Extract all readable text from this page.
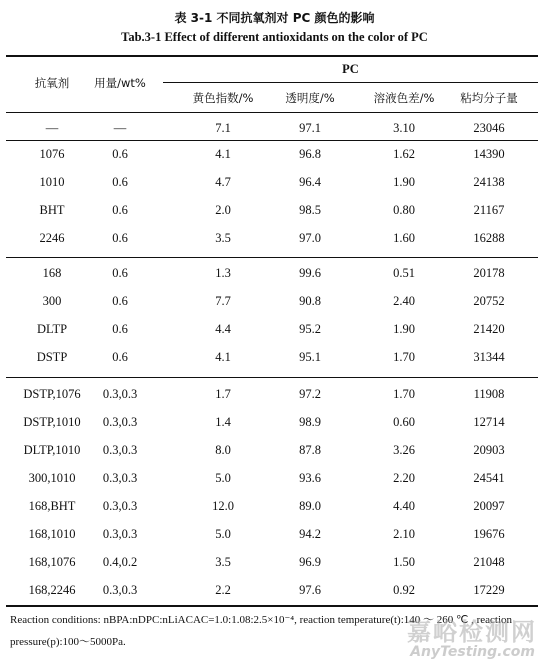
表 3-1 不同抗氧剂对 PC 颜色的影响
Tab.3-1 Effect of different antioxidants on the color of PC
抗氧剂	用量/wt%
PC
黄色指数/%	透明度/%	溶液色差/%	粘均分子量
—	—	7.1	97.1	3.10	23046
1076	0.6	4.1	96.8	1.62	14390
1010	0.6	4.7	96.4	1.90	24138
BHT	0.6	2.0	98.5	0.80	21167
2246	0.6	3.5	97.0	1.60	16288
168	0.6	1.3	99.6	0.51	20178
300	0.6	7.7	90.8	2.40	20752
DLTP	0.6	4.4	95.2	1.90	21420
DSTP	0.6	4.1	95.1	1.70	31344
DSTP,1076	0.3,0.3	1.7	97.2	1.70	11908
DSTP,1010	0.3,0.3	1.4	98.9	0.60	12714
DLTP,1010	0.3,0.3	8.0	87.8	3.26	20903
300,1010	0.3,0.3	5.0	93.6	2.20	24541
168,BHT	0.3,0.3	12.0	89.0	4.40	20097
168,1010	0.3,0.3	5.0	94.2	2.10	19676
168,1076	0.4,0.2	3.5	96.9	1.50	21048
168,2246	0.3,0.3	2.2	97.6	0.92	17229
Reaction conditions: nBPA:nDPC:nLiACAC=1.0:1.08:2.5×10⁻⁴, reaction temperature(t):140 ～ 260 ℃ , reaction
pressure(p):100～5000Pa.	嘉峪检测网
AnyTesting.com
